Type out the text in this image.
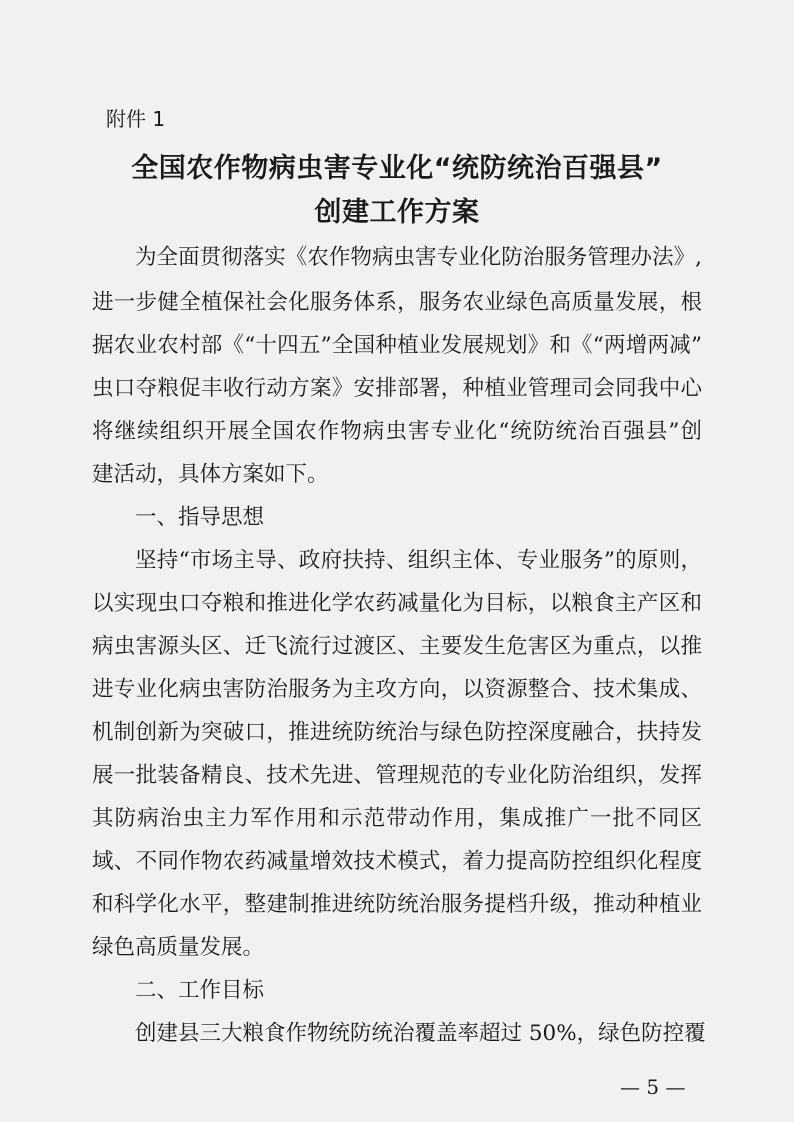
附件 1
全国农作物病虫害专业化“统防统治百强县”
创建工作方案
为全面贯彻落实《农作物病虫害专业化防治服务管理办法》,
进一步健全植保社会化服务体系，服务农业绿色高质量发展，根
据农业农村部《“十四五”全国种植业发展规划》和《“两增两减”
虫口夺粮促丰收行动方案》安排部署，种植业管理司会同我中心
将继续组织开展全国农作物病虫害专业化“统防统治百强县”创
建活动，具体方案如下。
一、指导思想
坚持“市场主导、政府扶持、组织主体、专业服务”的原则，
以实现虫口夺粮和推进化学农药减量化为目标，以粮食主产区和
病虫害源头区、迁飞流行过渡区、主要发生危害区为重点，以推
进专业化病虫害防治服务为主攻方向，以资源整合、技术集成、
机制创新为突破口，推进统防统治与绿色防控深度融合，扶持发
展一批装备精良、技术先进、管理规范的专业化防治组织，发挥
其防病治虫主力军作用和示范带动作用，集成推广一批不同区
域、不同作物农药减量增效技术模式，着力提高防控组织化程度
和科学化水平，整建制推进统防统治服务提档升级，推动种植业
绿色高质量发展。
二、工作目标
创建县三大粮食作物统防统治覆盖率超过 50%，绿色防控覆
— 5 —
